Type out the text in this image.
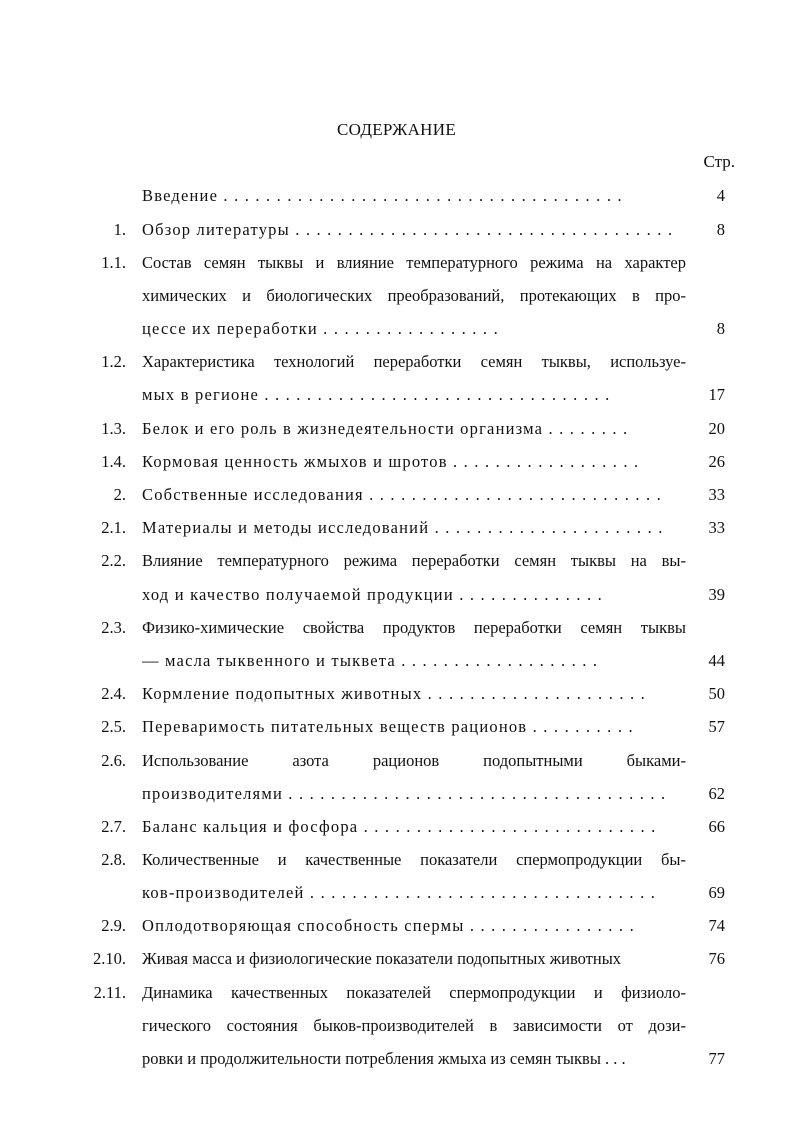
СОДЕРЖАНИЕ
Стр.
Введение . . . . . . . . . . . . . . . . . . . . . . . . . . . . . . . . . . . . . .	4
1. Обзор литературы . . . . . . . . . . . . . . . . . . . . . . . . . . . . . . . . . . . .	8
1.1. Состав семян тыквы и влияние температурного режима на характер
химических и биологических преобразований, протекающих в про-
цессе их переработки . . . . . . . . . . . . . . . . .	8
1.2. Характеристика технологий переработки семян тыквы, используе-
мых в регионе . . . . . . . . . . . . . . . . . . . . . . . . . . . . . . . . .	17
1.3. Белок и его роль в жизнедеятельности организма . . . . . . . .	20
1.4. Кормовая ценность жмыхов и шротов . . . . . . . . . . . . . . . . . .	26
2. Собственные исследования . . . . . . . . . . . . . . . . . . . . . . . . . . . .	33
2.1. Материалы и методы исследований . . . . . . . . . . . . . . . . . . . . . .	33
2.2. Влияние температурного режима переработки семян тыквы на вы-
ход и качество получаемой продукции . . . . . . . . . . . . . .	39
2.3. Физико-химические свойства продуктов переработки семян тыквы
— масла тыквенного и тыквета . . . . . . . . . . . . . . . . . . .	44
2.4. Кормление подопытных животных . . . . . . . . . . . . . . . . . . . . .	50
2.5. Переваримость питательных веществ рационов . . . . . . . . . .	57
2.6. Использование азота рационов подопытными быками-
производителями . . . . . . . . . . . . . . . . . . . . . . . . . . . . . . . . . . . .	62
2.7. Баланс кальция и фосфора . . . . . . . . . . . . . . . . . . . . . . . . . . . .	66
2.8. Количественные и качественные показатели спермопродукции бы-
ков-производителей . . . . . . . . . . . . . . . . . . . . . . . . . . . . . . . . .	69
2.9. Оплодотворяющая способность спермы . . . . . . . . . . . . . . . .	74
2.10. Живая масса и физиологические показатели подопытных животных	76
2.11. Динамика качественных показателей спермопродукции и физиоло-
гического состояния быков-производителей в зависимости от дози-
ровки и продолжительности потребления жмыха из семян тыквы . . .	77
